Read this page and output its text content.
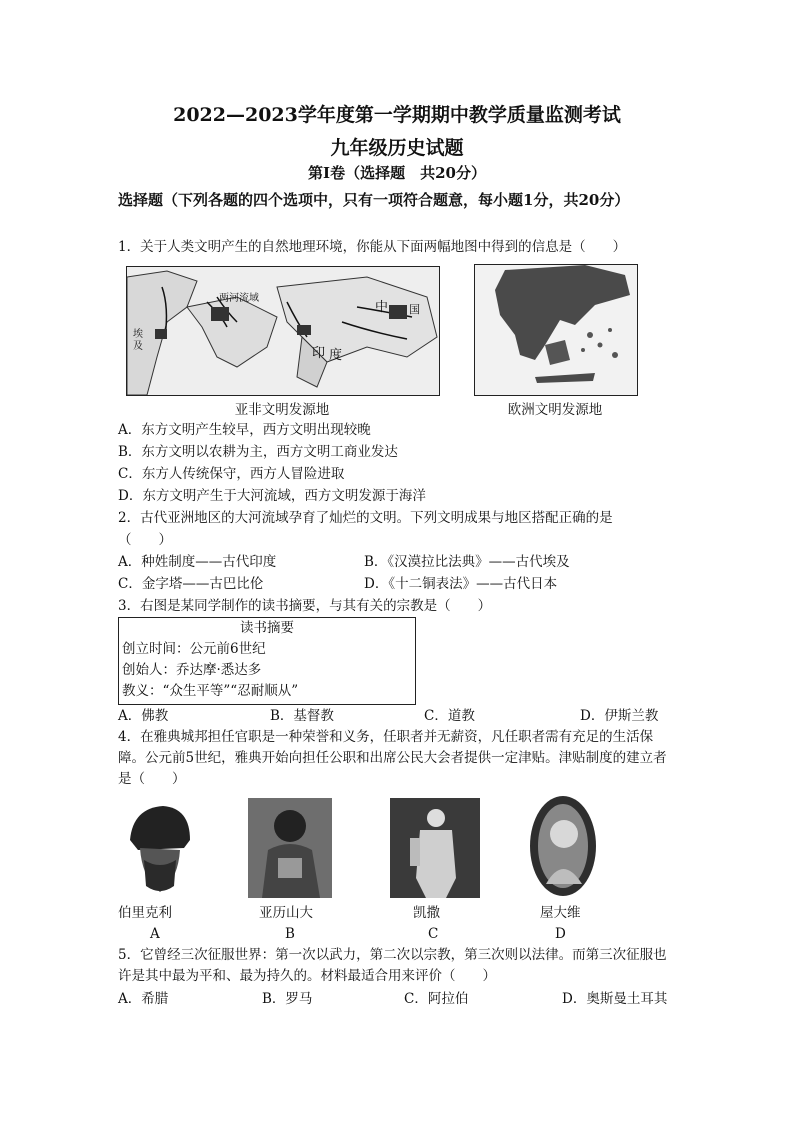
2022—2023学年度第一学期期中教学质量监测考试
九年级历史试题
第Ⅰ卷（选择题　共20分）
选择题（下列各题的四个选项中，只有一项符合题意，每小题1分，共20分）
1．关于人类文明产生的自然地理环境，你能从下面两幅地图中得到的信息是（　　）
两河流域
中 国
印 度
埃
及
亚非文明发源地	欧洲文明发源地
A．东方文明产生较早，西方文明出现较晚
B．东方文明以农耕为主，西方文明工商业发达
C．东方人传统保守，西方人冒险进取
D．东方文明产生于大河流域，西方文明发源于海洋
2．古代亚洲地区的大河流域孕育了灿烂的文明。下列文明成果与地区搭配正确的是
（　　）
A．种姓制度——古代印度	B．《汉漠拉比法典》——古代埃及
C．金字塔——古巴比伦	D．《十二铜表法》——古代日本
3．右图是某同学制作的读书摘要，与其有关的宗教是（　　）
读书摘要
创立时间：公元前6世纪
创始人：乔达摩·悉达多
教义：“众生平等”“忍耐顺从”
A．佛教	B．基督教	C．道教	D．伊斯兰教
4．在雅典城邦担任官职是一种荣誉和义务，任职者并无薪资，凡任职者需有充足的生活保障。公元前5世纪，雅典开始向担任公职和出席公民大会者提供一定津贴。津贴制度的建立者是（　　）
伯里克利	亚历山大	凯撒	屋大维
A	B	C	D
5．它曾经三次征服世界：第一次以武力，第二次以宗教，第三次则以法律。而第三次征服也许是其中最为平和、最为持久的。材料最适合用来评价（　　）
A．希腊	B．罗马	C．阿拉伯	D．奥斯曼土耳其
